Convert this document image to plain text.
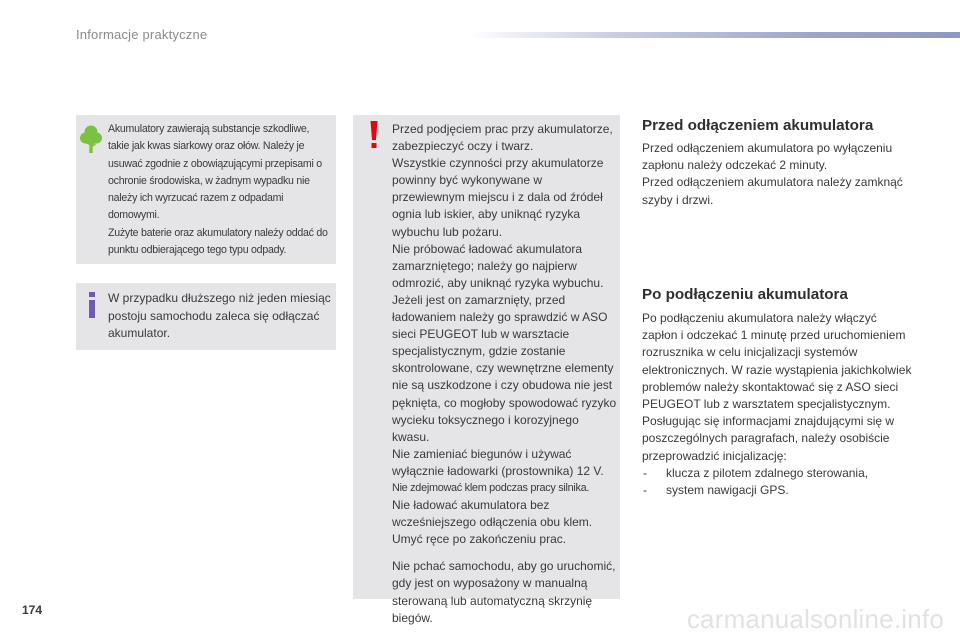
Informacje praktyczne

Akumulatory zawierają substancje szkodliwe, takie jak kwas siarkowy oraz ołów. Należy je usuwać zgodnie z obowiązującymi przepisami o ochronie środowiska, w żadnym wypadku nie należy ich wyrzucać razem z odpadami domowymi.

Zużyte baterie oraz akumulatory należy oddać do punktu odbierającego tego typu odpady.

W przypadku dłuższego niż jeden miesiąc postoju samochodu zaleca się odłączać akumulator.

Przed podjęciem prac przy akumulatorze, zabezpieczyć oczy i twarz.

Wszystkie czynności przy akumulatorze powinny być wykonywane w przewiewnym miejscu i z dala od źródeł ognia lub iskier, aby uniknąć ryzyka wybuchu lub pożaru.

Nie próbować ładować akumulatora zamarzniętego; należy go najpierw odmrozić, aby uniknąć ryzyka wybuchu. Jeżeli jest on zamarznięty, przed ładowaniem należy go sprawdzić w ASO sieci PEUGEOT lub w warsztacie specjalistycznym, gdzie zostanie skontrolowane, czy wewnętrzne elementy nie są uszkodzone i czy obudowa nie jest pęknięta, co mogłoby spowodować ryzyko wycieku toksycznego i korozyjnego kwasu.

Nie zamieniać biegunów i używać wyłącznie ładowarki (prostownika) 12 V.

Nie zdejmować klem podczas pracy silnika.

Nie ładować akumulatora bez wcześniejszego odłączenia obu klem.

Umyć ręce po zakończeniu prac.

Nie pchać samochodu, aby go uruchomić, gdy jest on wyposażony w manualną sterowaną lub automatyczną skrzynię biegów.

Przed odłączeniem akumulatora

Przed odłączeniem akumulatora po wyłączeniu zapłonu należy odczekać 2 minuty.

Przed odłączeniem akumulatora należy zamknąć szyby i drzwi.

Po podłączeniu akumulatora

Po podłączeniu akumulatora należy włączyć zapłon i odczekać 1 minutę przed uruchomieniem rozrusznika w celu inicjalizacji systemów elektronicznych. W razie wystąpienia jakichkolwiek problemów należy skontaktować się z ASO sieci PEUGEOT lub z warsztatem specjalistycznym.

Posługując się informacjami znajdującymi się w poszczególnych paragrafach, należy osobiście przeprowadzić inicjalizację:

- klucza z pilotem zdalnego sterowania,
- system nawigacji GPS.
174	carmanualsonline.info
